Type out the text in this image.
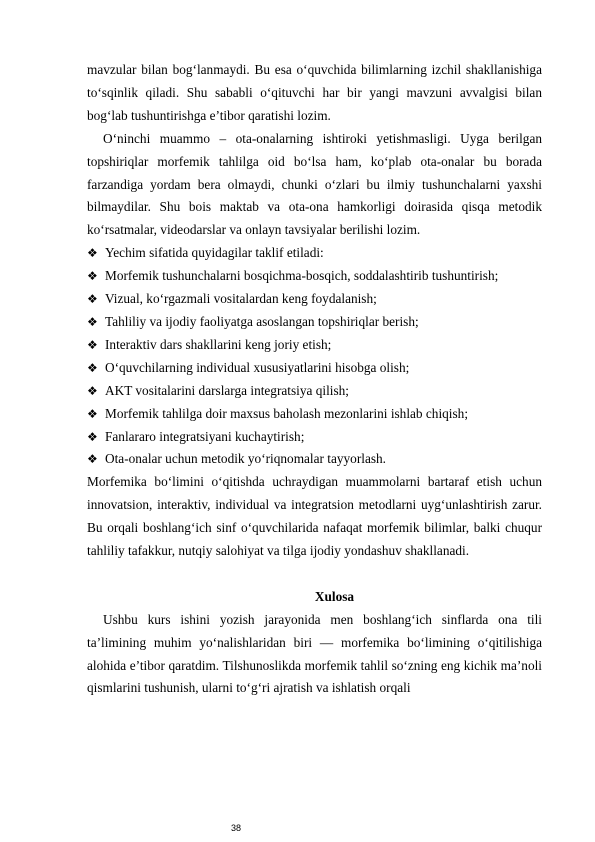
mavzular bilan bog‘lanmaydi. Bu esa o‘quvchida bilimlarning izchil shakllanishiga to‘sqinlik qiladi. Shu sababli o‘qituvchi har bir yangi mavzuni avvalgisi bilan bog‘lab tushuntirishga e’tibor qaratishi lozim.

O‘ninchi muammo – ota-onalarning ishtiroki yetishmasligi. Uyga berilgan topshiriqlar morfemik tahlilga oid bo‘lsa ham, ko‘plab ota-onalar bu borada farzandiga yordam bera olmaydi, chunki o‘zlari bu ilmiy tushunchalarni yaxshi bilmaydilar. Shu bois maktab va ota-ona hamkorligi doirasida qisqa metodik ko‘rsatmalar, videodarslar va onlayn tavsiyalar berilishi lozim.

❖ Yechim sifatida quyidagilar taklif etiladi:
❖ Morfemik tushunchalarni bosqichma-bosqich, soddalashtirib tushuntirish;
❖ Vizual, ko‘rgazmali vositalardan keng foydalanish;
❖ Tahliliy va ijodiy faoliyatga asoslangan topshiriqlar berish;
❖ Interaktiv dars shakllarini keng joriy etish;
❖ O‘quvchilarning individual xususiyatlarini hisobga olish;
❖ AKT vositalarini darslarga integratsiya qilish;
❖ Morfemik tahlilga doir maxsus baholash mezonlarini ishlab chiqish;
❖ Fanlararo integratsiyani kuchaytirish;
❖ Ota-onalar uchun metodik yo‘riqnomalar tayyorlash.

Morfemika bo‘limini o‘qitishda uchraydigan muammolarni bartaraf etish uchun innovatsion, interaktiv, individual va integratsion metodlarni uyg‘unlashtirish zarur. Bu orqali boshlang‘ich sinf o‘quvchilarida nafaqat morfemik bilimlar, balki chuqur tahliliy tafakkur, nutqiy salohiyat va tilga ijodiy yondashuv shakllanadi.

Xulosa

Ushbu kurs ishini yozish jarayonida men boshlang‘ich sinflarda ona tili ta’limining muhim yo‘nalishlaridan biri — morfemika bo‘limining o‘qitilishiga alohida e’tibor qaratdim. Tilshunoslikda morfemik tahlil so‘zning eng kichik ma’noli qismlarini tushunish, ularni to‘g‘ri ajratish va ishlatish orqali

38
